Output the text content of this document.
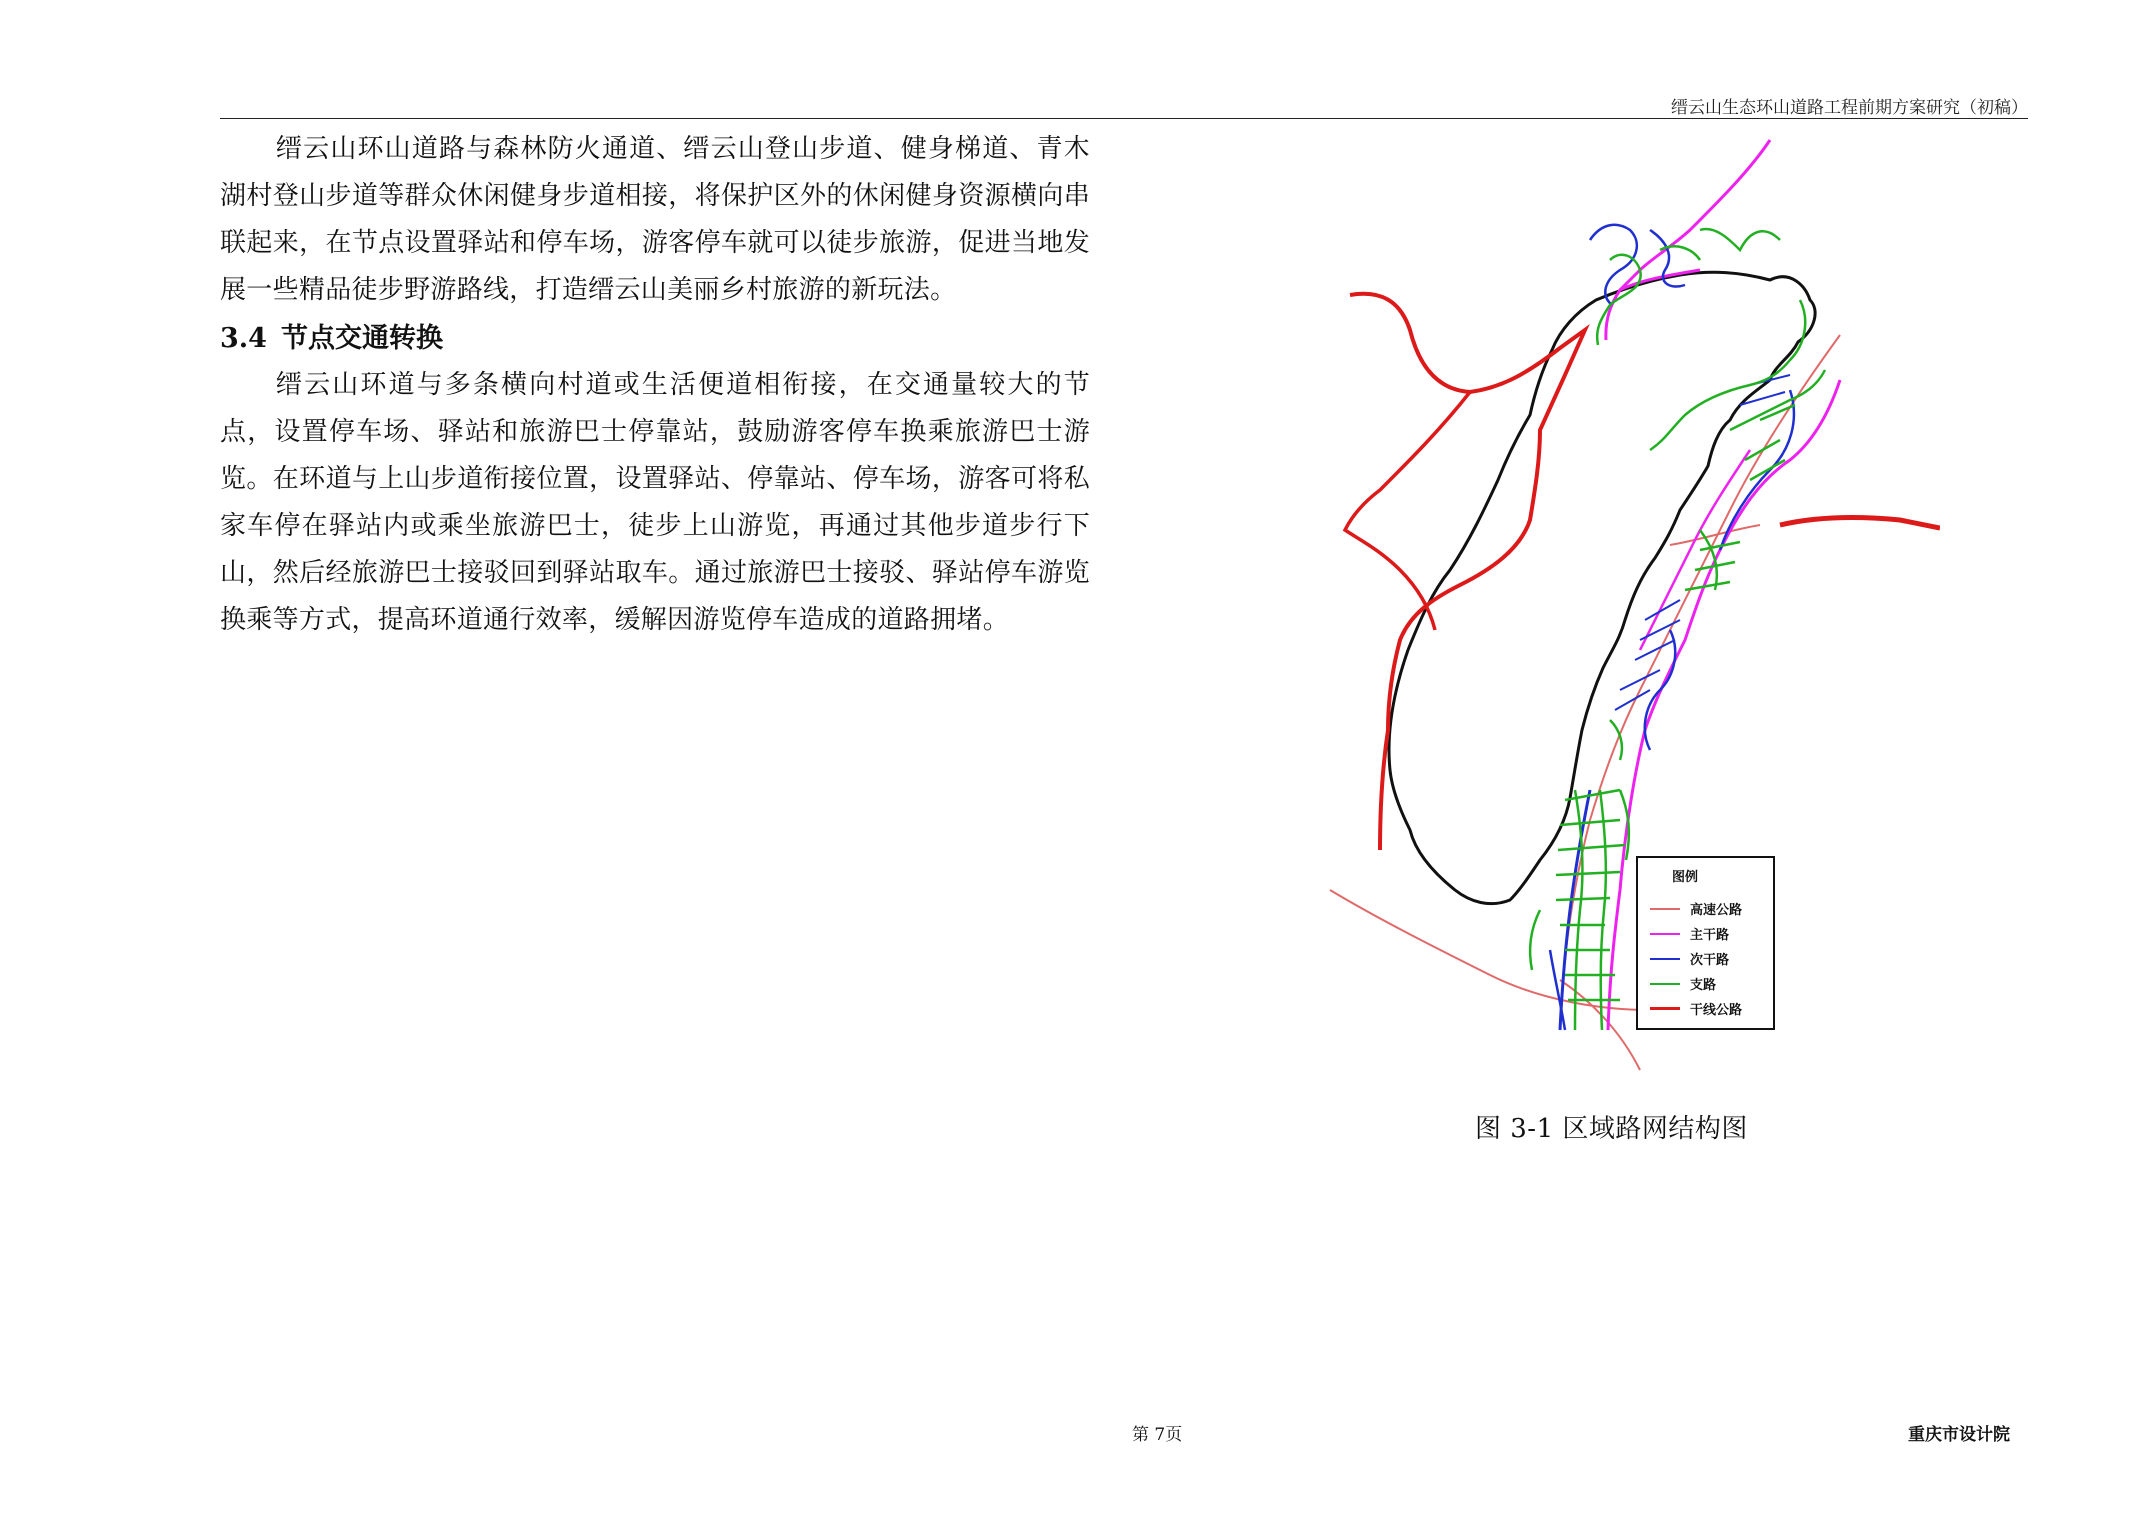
缙云山生态环山道路工程前期方案研究（初稿）

缙云山环山道路与森林防火通道、缙云山登山步道、健身梯道、青木湖村登山步道等群众休闲健身步道相接，将保护区外的休闲健身资源横向串联起来，在节点设置驿站和停车场，游客停车就可以徒步旅游，促进当地发展一些精品徒步野游路线，打造缙云山美丽乡村旅游的新玩法。

3.4 节点交通转换

缙云山环道与多条横向村道或生活便道相衔接，在交通量较大的节点，设置停车场、驿站和旅游巴士停靠站，鼓励游客停车换乘旅游巴士游览。在环道与上山步道衔接位置，设置驿站、停靠站、停车场，游客可将私家车停在驿站内或乘坐旅游巴士，徒步上山游览，再通过其他步道步行下山，然后经旅游巴士接驳回到驿站取车。通过旅游巴士接驳、驿站停车游览换乘等方式，提高环道通行效率，缓解因游览停车造成的道路拥堵。

图例
高速公路
主干路
次干路
支路
干线公路
图 3-1 区域路网结构图
第 7页	重庆市设计院
